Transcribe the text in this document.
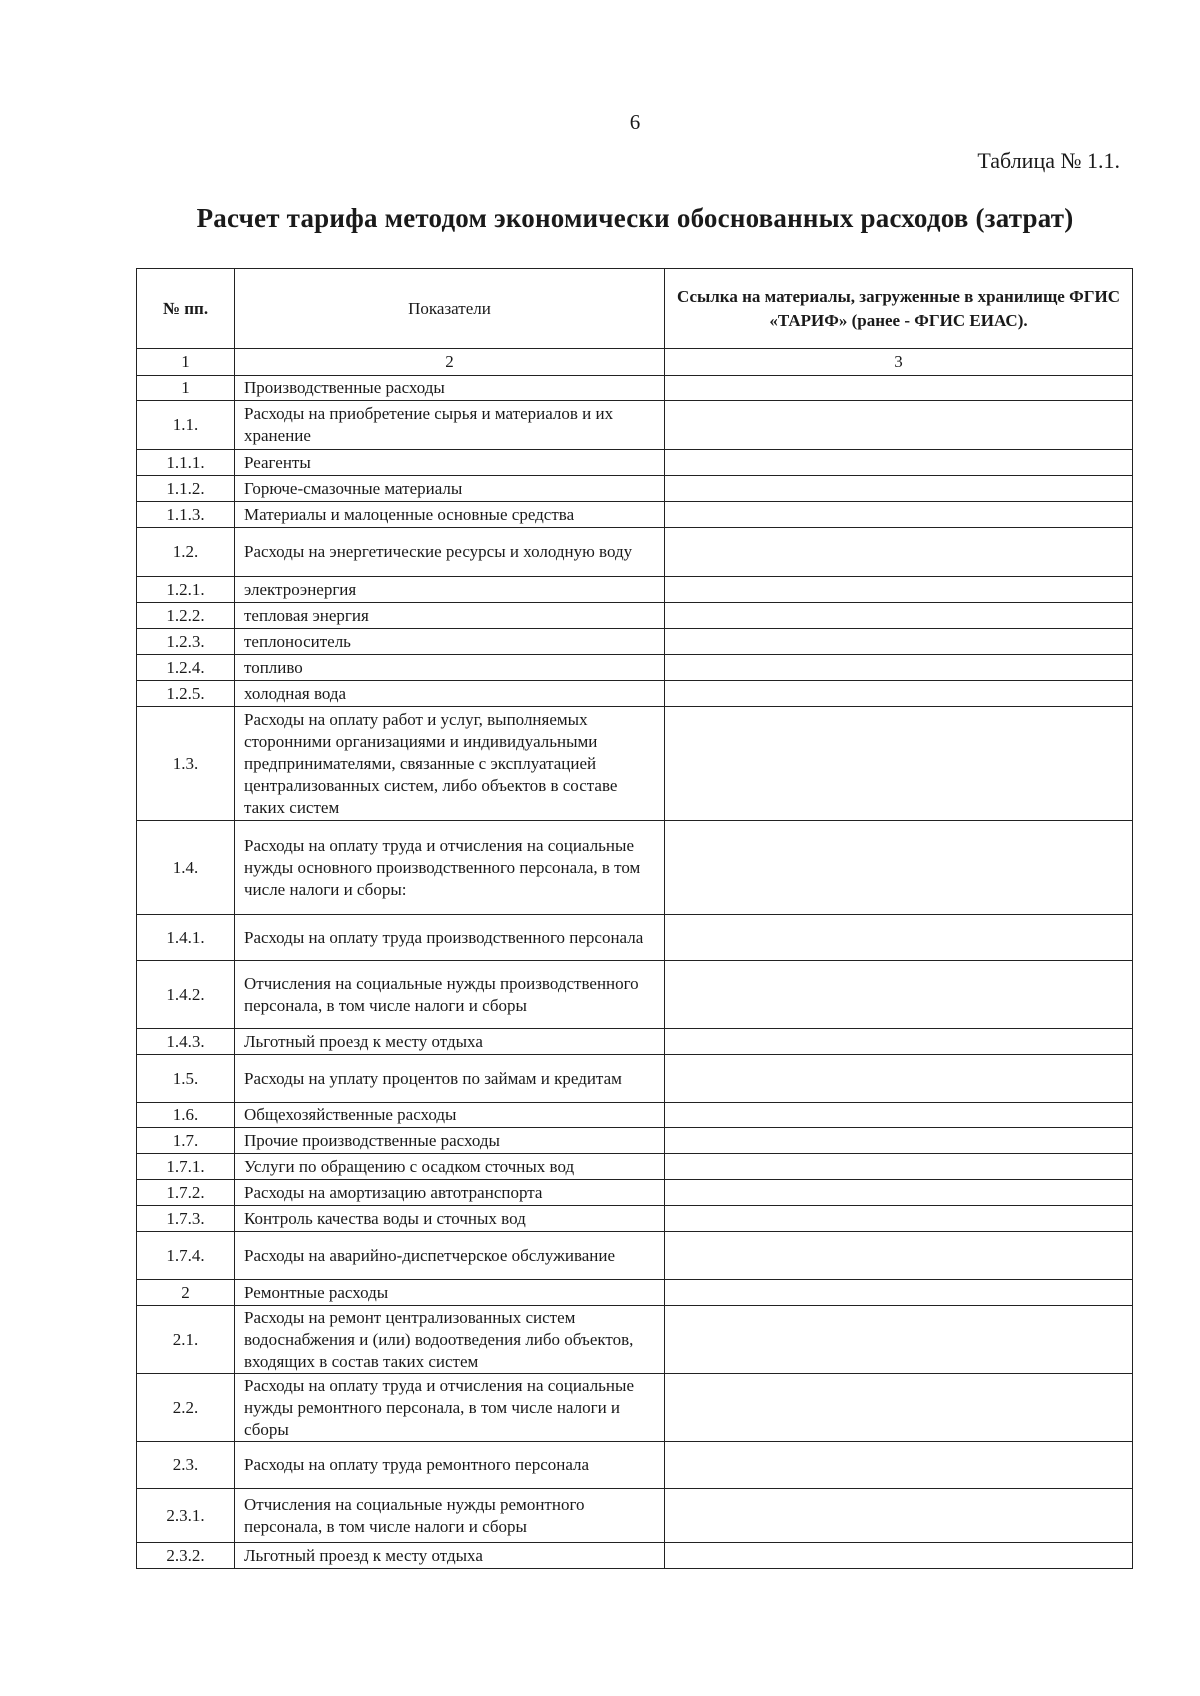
6
Таблица № 1.1.
Расчет тарифа методом экономически обоснованных расходов (затрат)
№ пп.	Показатели	Ссылка на материалы, загруженные в хранилище ФГИС «ТАРИФ» (ранее - ФГИС ЕИАС).
1	2	3
1	Производственные расходы	
1.1.	Расходы на приобретение сырья и материалов и их хранение	
1.1.1.	Реагенты	
1.1.2.	Горюче-смазочные материалы	
1.1.3.	Материалы и малоценные основные средства	
1.2.	Расходы на энергетические ресурсы и холодную воду	
1.2.1.	электроэнергия	
1.2.2.	тепловая энергия	
1.2.3.	теплоноситель	
1.2.4.	топливо	
1.2.5.	холодная вода	
1.3.	Расходы на оплату работ и услуг, выполняемых сторонними организациями и индивидуальными предпринимателями, связанные с эксплуатацией централизованных систем, либо объектов в составе таких систем	
1.4.	Расходы на оплату труда и отчисления на социальные нужды основного производственного персонала, в том числе налоги и сборы:	
1.4.1.	Расходы на оплату труда производственного персонала	
1.4.2.	Отчисления на социальные нужды производственного персонала, в том числе налоги и сборы	
1.4.3.	Льготный проезд к месту отдыха	
1.5.	Расходы на уплату процентов по займам и кредитам	
1.6.	Общехозяйственные расходы	
1.7.	Прочие производственные расходы	
1.7.1.	Услуги по обращению с осадком сточных вод	
1.7.2.	Расходы на амортизацию автотранспорта	
1.7.3.	Контроль качества воды и сточных вод	
1.7.4.	Расходы на аварийно-диспетчерское обслуживание	
2	Ремонтные расходы	
2.1.	Расходы на ремонт централизованных систем водоснабжения и (или) водоотведения либо объектов, входящих в состав таких систем	
2.2.	Расходы на оплату труда и отчисления на социальные нужды ремонтного персонала, в том числе налоги и сборы	
2.3.	Расходы на оплату труда ремонтного персонала	
2.3.1.	Отчисления на социальные нужды ремонтного персонала, в том числе налоги и сборы	
2.3.2.	Льготный проезд к месту отдыха	
